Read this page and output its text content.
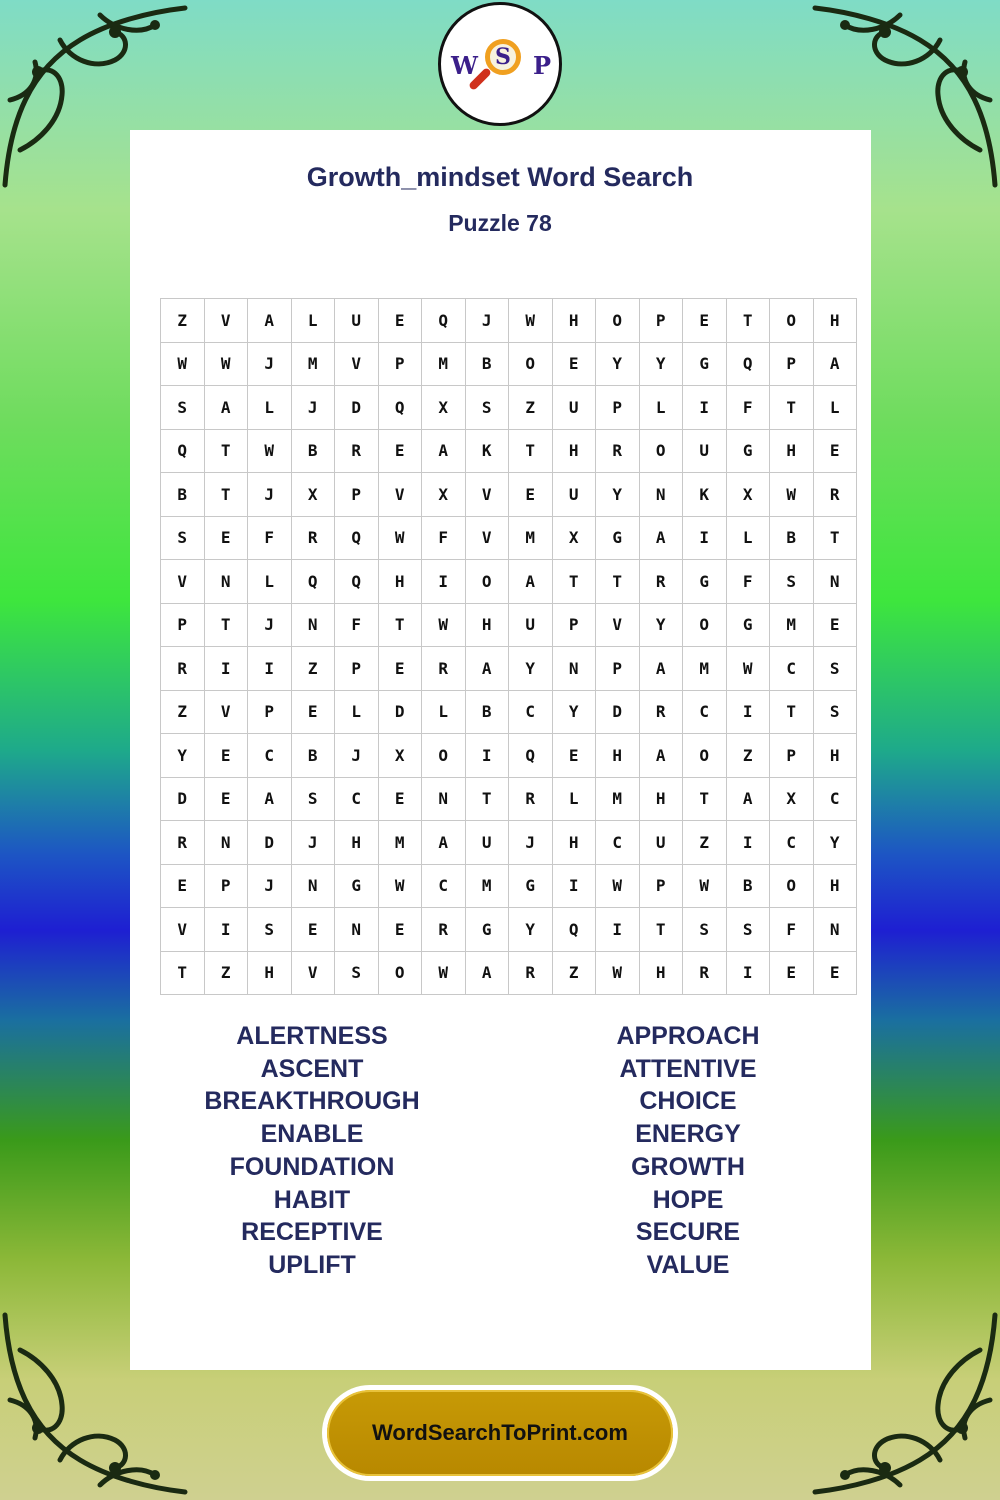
W S P
Growth_mindset Word Search
Puzzle 78
Z	V	A	L	U	E	Q	J	W	H	O	P	E	T	O	H
W	W	J	M	V	P	M	B	O	E	Y	Y	G	Q	P	A
S	A	L	J	D	Q	X	S	Z	U	P	L	I	F	T	L
Q	T	W	B	R	E	A	K	T	H	R	O	U	G	H	E
B	T	J	X	P	V	X	V	E	U	Y	N	K	X	W	R
S	E	F	R	Q	W	F	V	M	X	G	A	I	L	B	T
V	N	L	Q	Q	H	I	O	A	T	T	R	G	F	S	N
P	T	J	N	F	T	W	H	U	P	V	Y	O	G	M	E
R	I	I	Z	P	E	R	A	Y	N	P	A	M	W	C	S
Z	V	P	E	L	D	L	B	C	Y	D	R	C	I	T	S
Y	E	C	B	J	X	O	I	Q	E	H	A	O	Z	P	H
D	E	A	S	C	E	N	T	R	L	M	H	T	A	X	C
R	N	D	J	H	M	A	U	J	H	C	U	Z	I	C	Y
E	P	J	N	G	W	C	M	G	I	W	P	W	B	O	H
V	I	S	E	N	E	R	G	Y	Q	I	T	S	S	F	N
T	Z	H	V	S	O	W	A	R	Z	W	H	R	I	E	E
ALERTNESS
ASCENT
BREAKTHROUGH
ENABLE
FOUNDATION
HABIT
RECEPTIVE
UPLIFT
APPROACH
ATTENTIVE
CHOICE
ENERGY
GROWTH
HOPE
SECURE
VALUE
WordSearchToPrint.com
